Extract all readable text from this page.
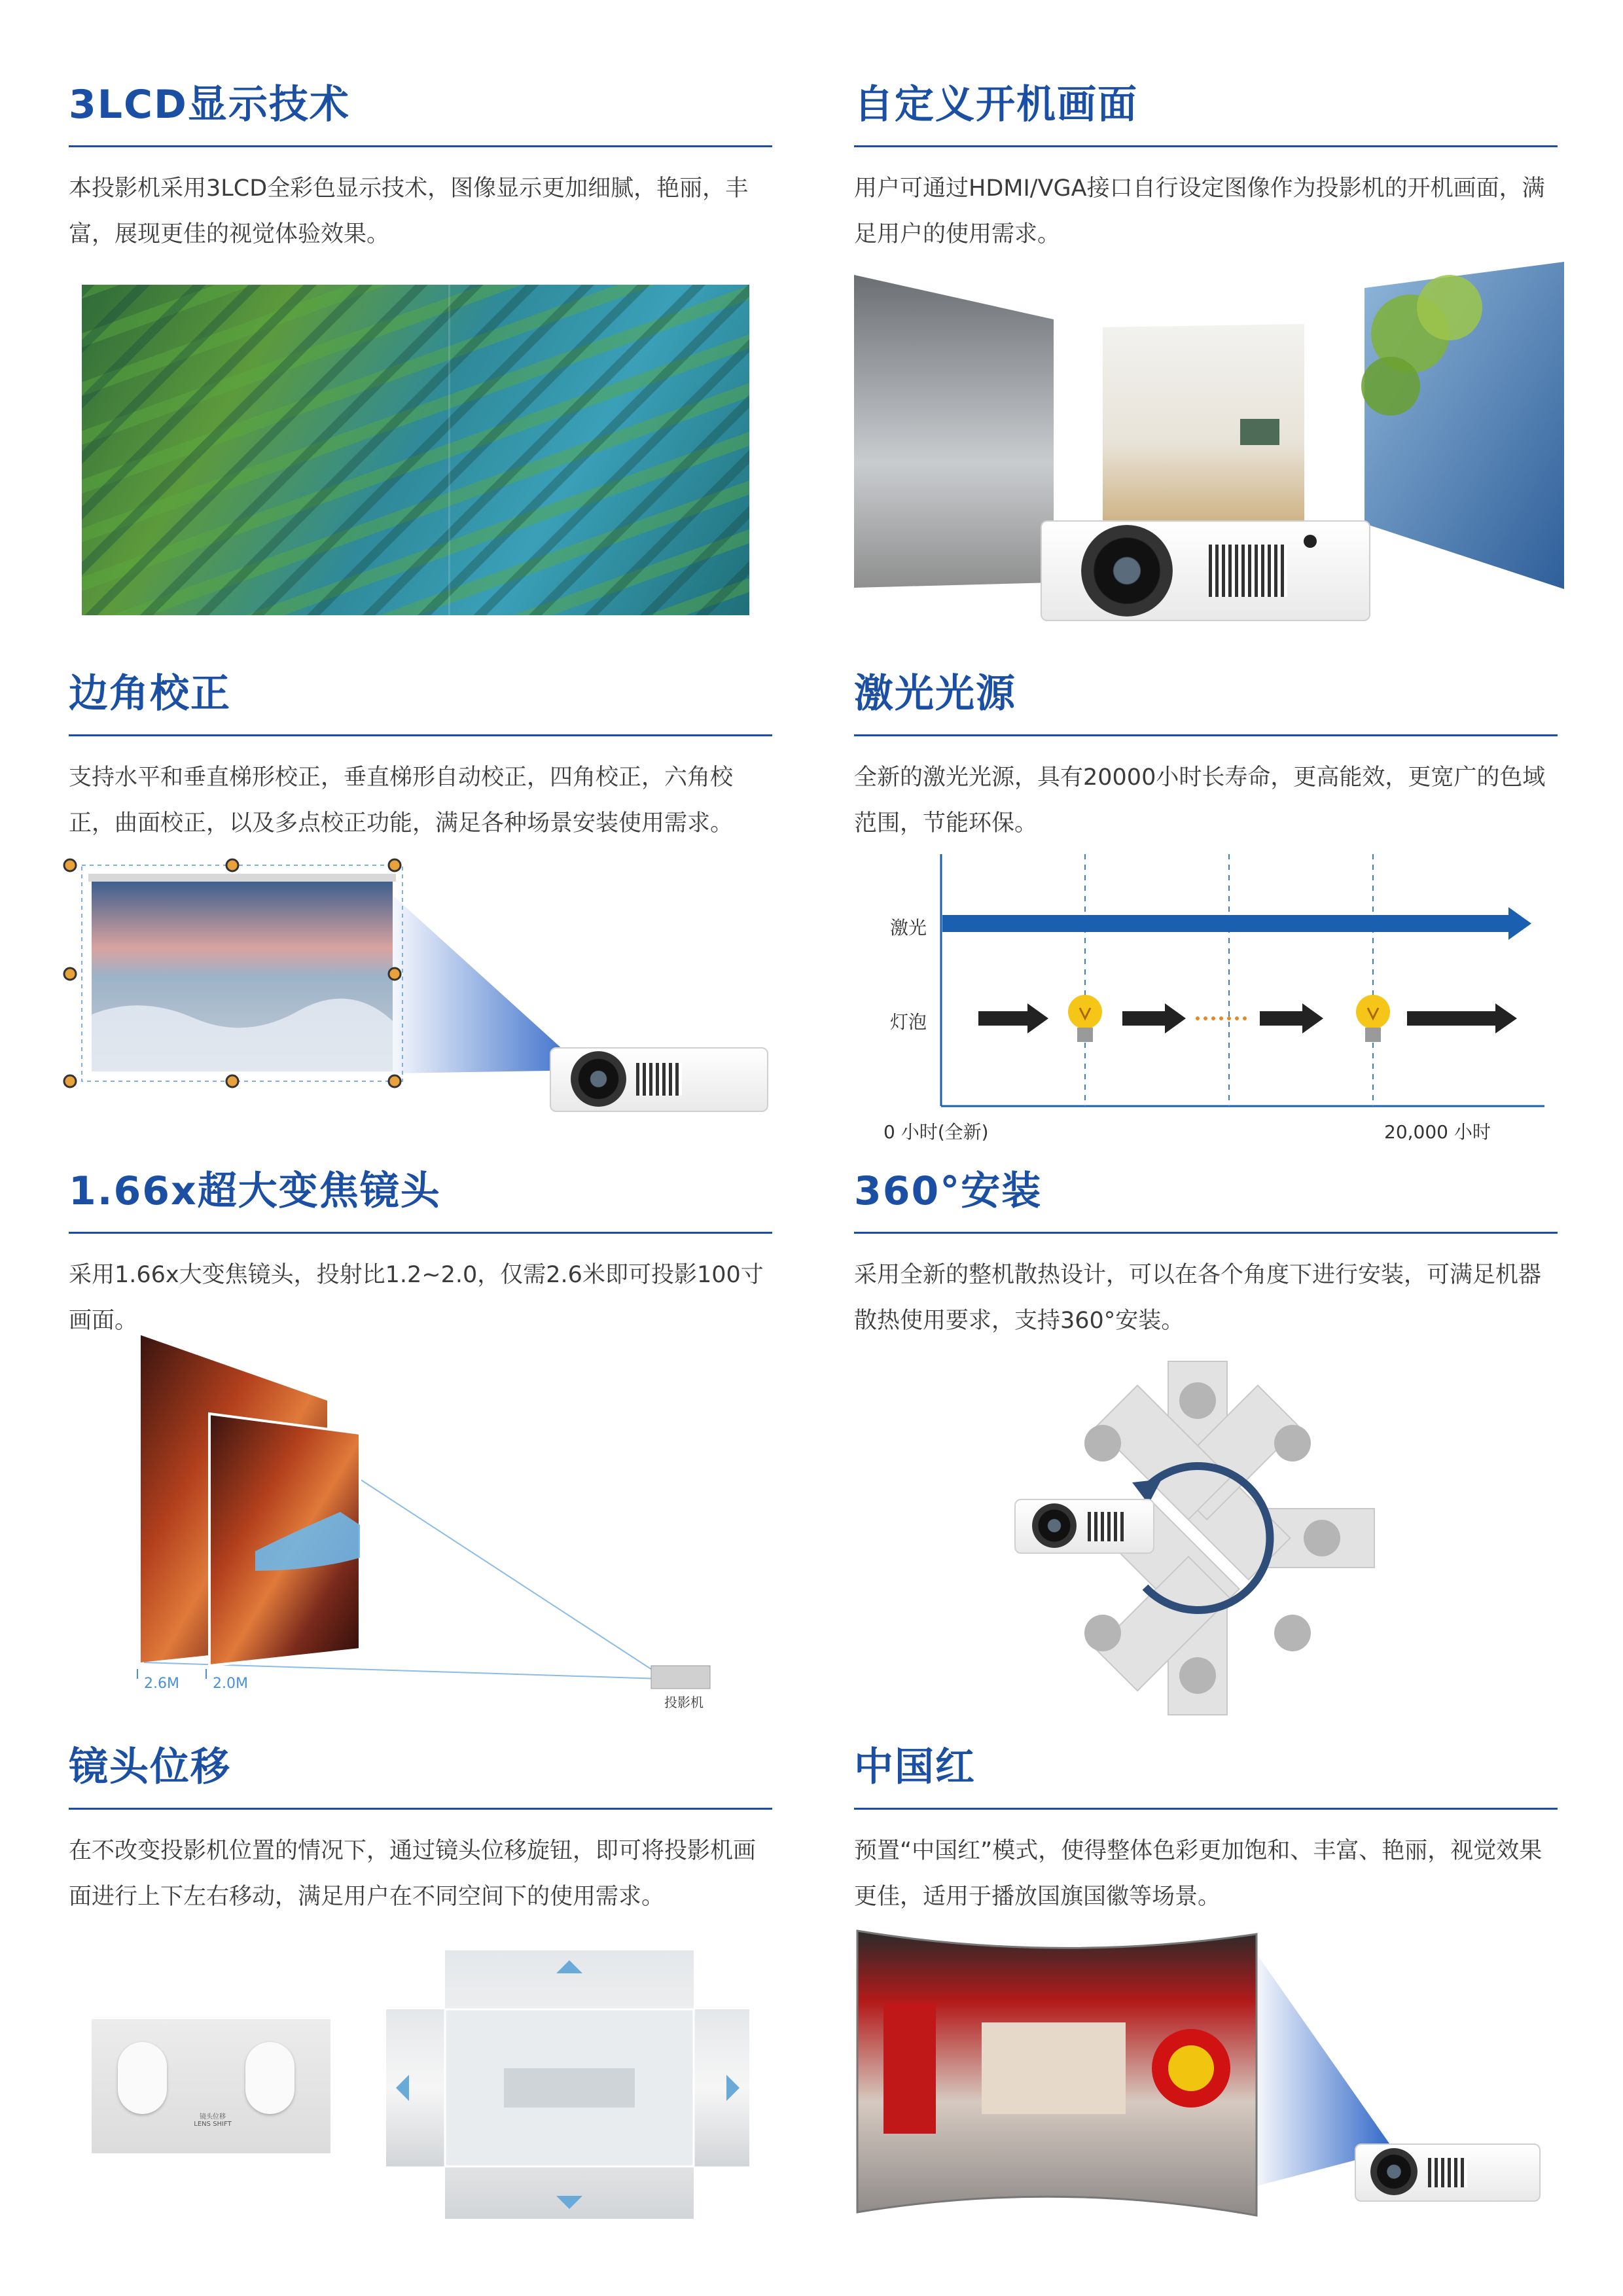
3LCD显示技术

本投影机采用3LCD全彩色显示技术，图像显示更加细腻，艳丽，丰富，展现更佳的视觉体验效果。

自定义开机画面

用户可通过HDMI/VGA接口自行设定图像作为投影机的开机画面，满足用户的使用需求。

边角校正

支持水平和垂直梯形校正，垂直梯形自动校正，四角校正，六角校正，曲面校正，以及多点校正功能，满足各种场景安装使用需求。

激光光源

全新的激光光源，具有20000小时长寿命，更高能效，更宽广的色域范围，节能环保。

激光
灯泡
0 小时(全新)	20,000 小时
1.66x超大变焦镜头

采用1.66x大变焦镜头，投射比1.2~2.0，仅需2.6米即可投影100寸画面。

2.6M 2.0M
投影机
360°安装

采用全新的整机散热设计，可以在各个角度下进行安装，可满足机器散热使用要求，支持360°安装。

镜头位移

在不改变投影机位置的情况下，通过镜头位移旋钮，即可将投影机画面进行上下左右移动，满足用户在不同空间下的使用需求。

镜头位移
LENS SHIFT
中国红

预置“中国红”模式，使得整体色彩更加饱和、丰富、艳丽，视觉效果更佳，适用于播放国旗国徽等场景。
